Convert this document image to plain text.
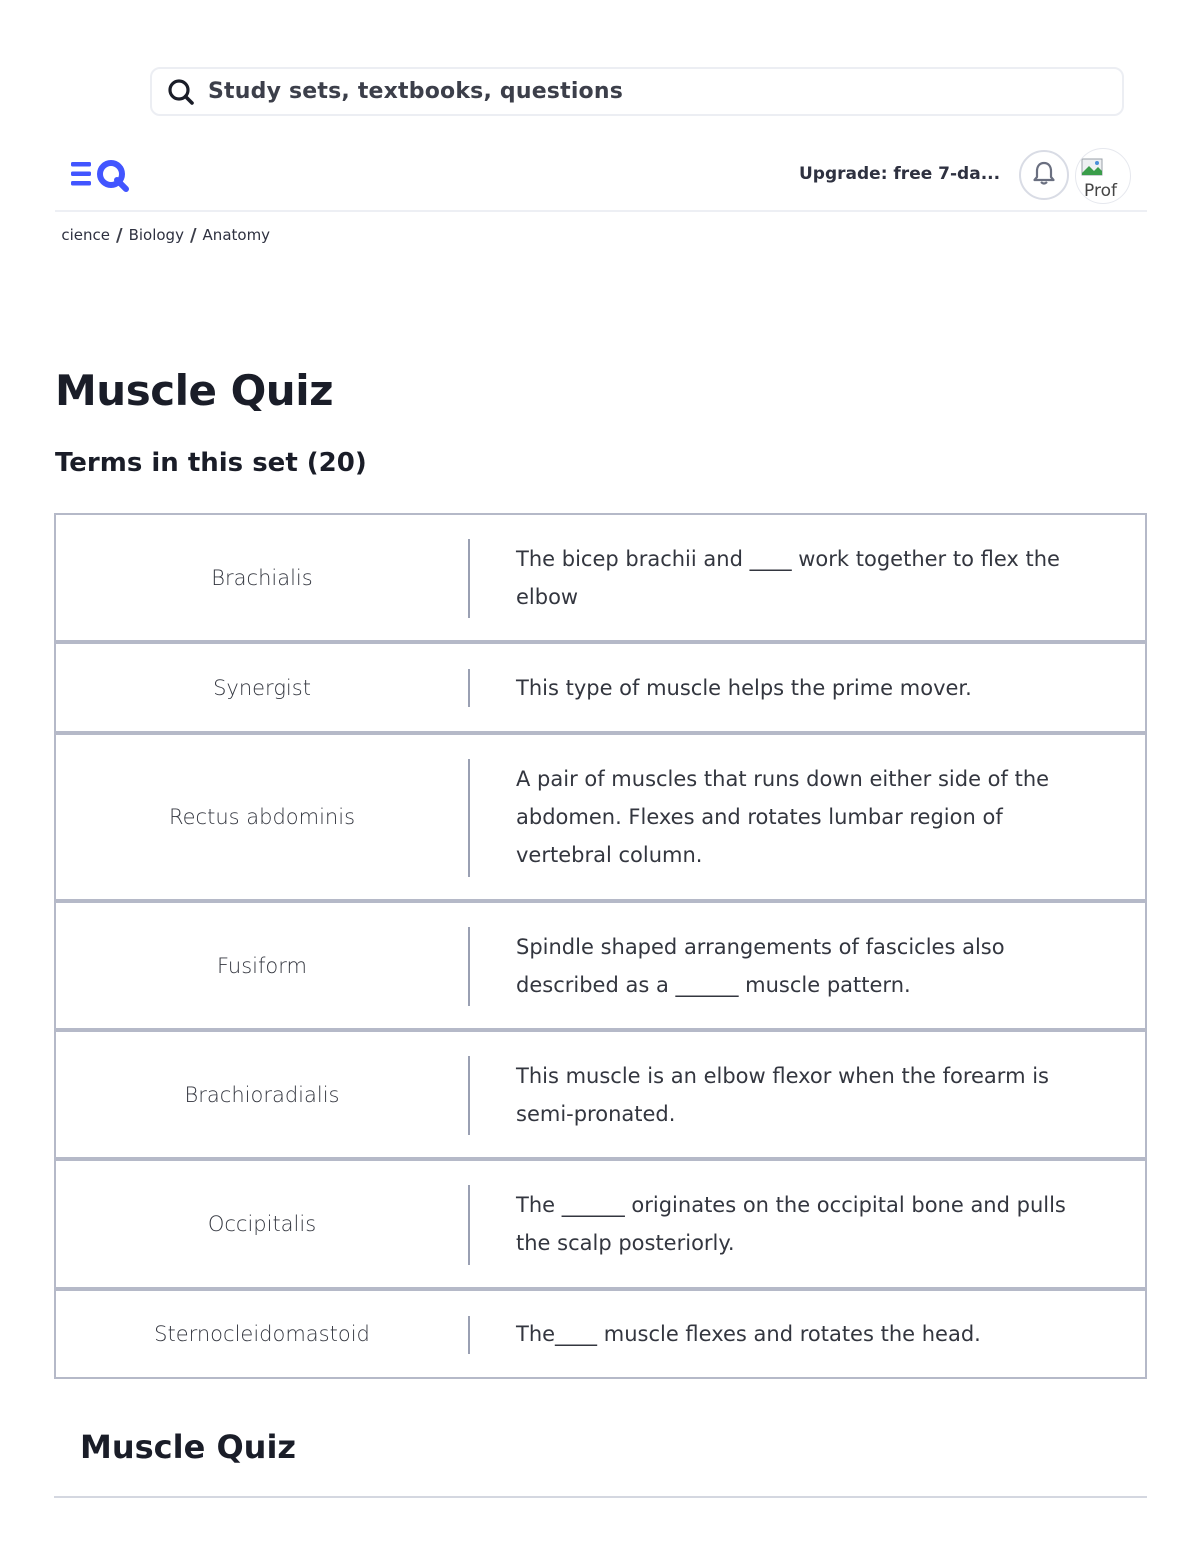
Study sets, textbooks, questions
Upgrade: free 7-da...
Prof
cience / Biology / Anatomy
Muscle Quiz
Terms in this set (20)
Brachialis
The bicep brachii and ____ work together to flex the elbow
Synergist	This type of muscle helps the prime mover.
Rectus abdominis
A pair of muscles that runs down either side of the abdomen. Flexes and rotates lumbar region of vertebral column.
Fusiform
Spindle shaped arrangements of fascicles also described as a ______ muscle pattern.
Brachioradialis
This muscle is an elbow flexor when the forearm is semi-pronated.
Occipitalis
The ______ originates on the occipital bone and pulls the scalp posteriorly.
Sternocleidomastoid	The____ muscle flexes and rotates the head.
Muscle Quiz
